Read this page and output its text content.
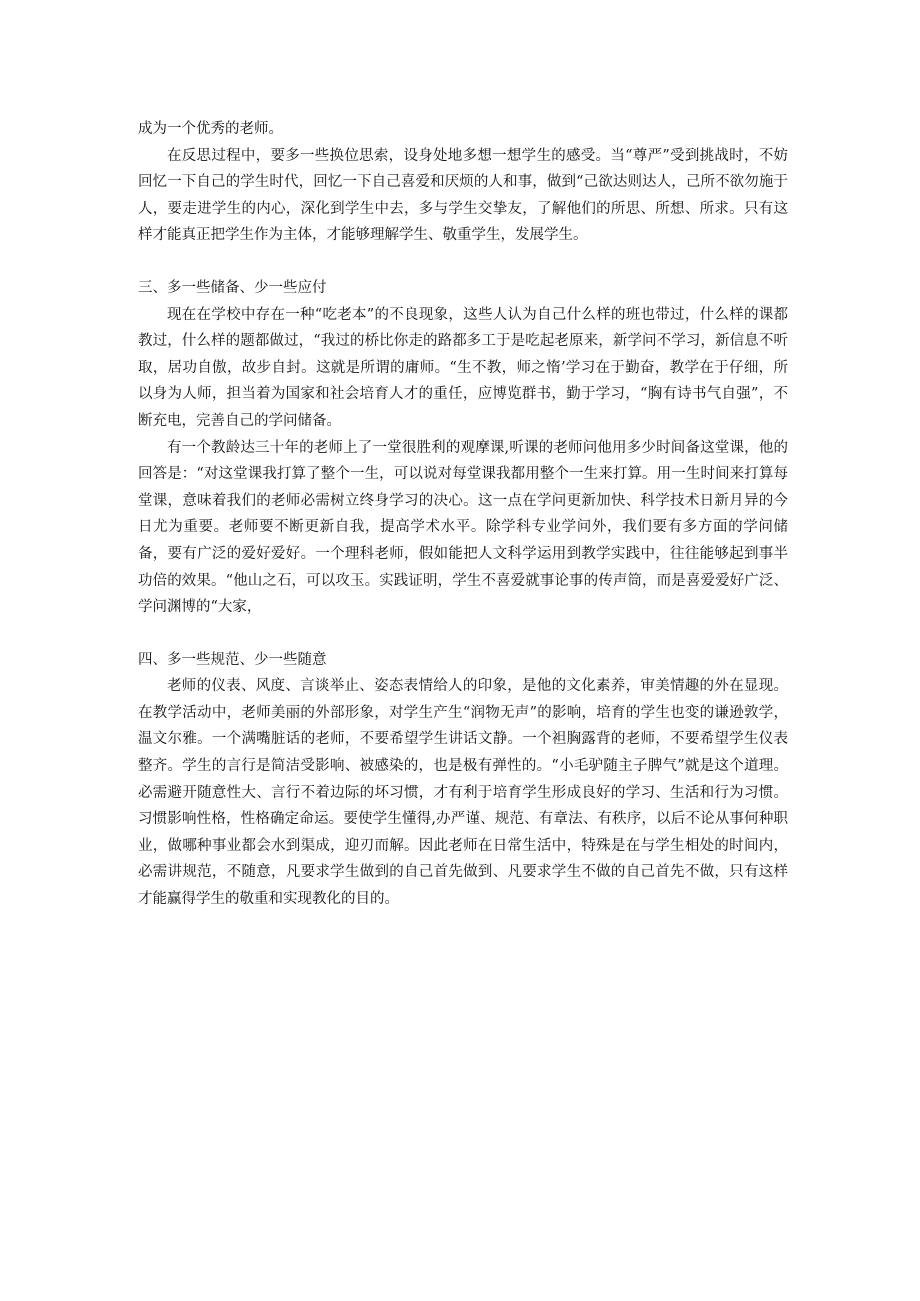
成为一个优秀的老师。

在反思过程中，要多一些换位思索，设身处地多想一想学生的感受。当“尊严”受到挑战时，不妨回忆一下自己的学生时代，回忆一下自己喜爱和厌烦的人和事，做到“己欲达则达人，己所不欲勿施于人，要走进学生的内心，深化到学生中去，多与学生交挚友，了解他们的所思、所想、所求。只有这样才能真正把学生作为主体，才能够理解学生、敬重学生，发展学生。

三、多一些储备、少一些应付

现在在学校中存在一种“吃老本”的不良现象，这些人认为自己什么样的班也带过，什么样的课都教过，什么样的题都做过，“我过的桥比你走的路都多工于是吃起老原来，新学问不学习，新信息不听取，居功自傲，故步自封。这就是所谓的庸师。“生不教，师之惰’学习在于勤奋，教学在于仔细，所以身为人师，担当着为国家和社会培育人才的重任，应博览群书，勤于学习，“胸有诗书气自强”，不断充电，完善自己的学问储备。

有一个教龄达三十年的老师上了一堂很胜利的观摩课,听课的老师问他用多少时间备这堂课，他的回答是：“对这堂课我打算了整个一生，可以说对每堂课我都用整个一生来打算。用一生时间来打算每堂课，意味着我们的老师必需树立终身学习的决心。这一点在学问更新加快、科学技术日新月异的今日尤为重要。老师要不断更新自我，提高学术水平。除学科专业学问外，我们要有多方面的学问储备，要有广泛的爱好爱好。一个理科老师，假如能把人文科学运用到教学实践中，往往能够起到事半功倍的效果。“他山之石，可以攻玉。实践证明，学生不喜爱就事论事的传声筒，而是喜爱爱好广泛、学问渊博的“大家，

四、多一些规范、少一些随意

老师的仪表、风度、言谈举止、姿态表情给人的印象，是他的文化素养，审美情趣的外在显现。在教学活动中，老师美丽的外部形象，对学生产生“润物无声”的影响，培育的学生也变的谦逊敦学，温文尔雅。一个满嘴脏话的老师，不要希望学生讲话文静。一个袒胸露背的老师，不要希望学生仪表整齐。学生的言行是简洁受影响、被感染的，也是极有弹性的。“小毛驴随主子脾气”就是这个道理。必需避开随意性大、言行不着边际的坏习惯，才有利于培育学生形成良好的学习、生活和行为习惯。习惯影响性格，性格确定命运。要使学生懂得,办严谨、规范、有章法、有秩序，以后不论从事何种职业，做哪种事业都会水到渠成，迎刃而解。因此老师在日常生活中，特殊是在与学生相处的时间内，必需讲规范，不随意，凡要求学生做到的自己首先做到、凡要求学生不做的自己首先不做，只有这样才能赢得学生的敬重和实现教化的目的。
